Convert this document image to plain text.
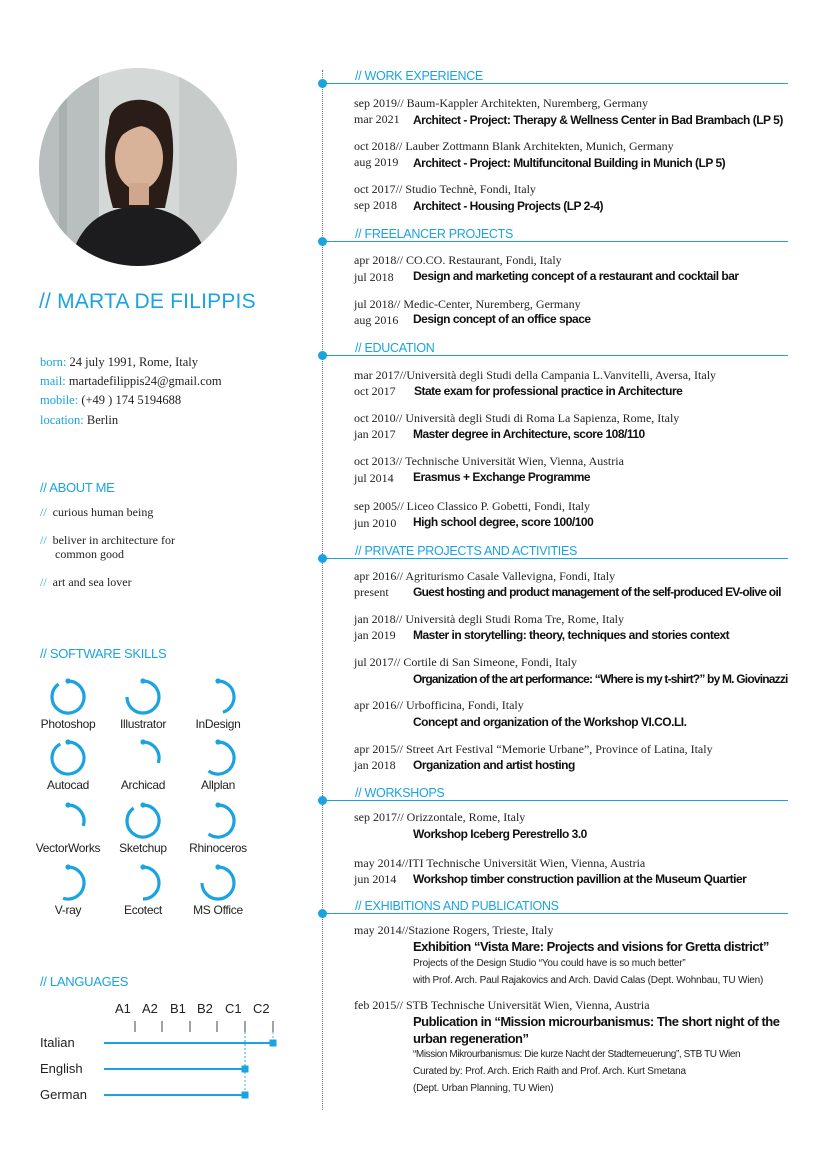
// MARTA DE FILIPPIS
born: 24 july 1991, Rome, Italy
mail: martadefilippis24@gmail.com
mobile: (+49 ) 174 5194688
location: Berlin
// ABOUT ME
// curious human being
// beliver in architecture for
common good
// art and sea lover
// SOFTWARE SKILLS
Photoshop	Illustrator	InDesign
Autocad	Archicad	Allplan
VectorWorks	Sketchup	Rhinoceros
V-ray	Ecotect	MS Office
// LANGUAGES
A1 A2 B1 B2 C1 C2
Italian
English
German
// WORK EXPERIENCE
sep 2019// Baum-Kappler Architekten, Nuremberg, Germany
mar 2021 Architect - Project: Therapy & Wellness Center in Bad Brambach (LP 5)
oct 2018// Lauber Zottmann Blank Architekten, Munich, Germany
aug 2019 Architect - Project: Multifuncitonal Building in Munich (LP 5)
oct 2017// Studio Technè, Fondi, Italy
sep 2018 Architect - Housing Projects (LP 2-4)
// FREELANCER PROJECTS
apr 2018// CO.CO. Restaurant, Fondi, Italy
jul 2018 Design and marketing concept of a restaurant and cocktail bar
jul 2018// Medic-Center, Nuremberg, Germany
aug 2016 Design concept of an office space
// EDUCATION
mar 2017//Università degli Studi della Campania L.Vanvitelli, Aversa, Italy
oct 2017 State exam for professional practice in Architecture
oct 2010// Università degli Studi di Roma La Sapienza, Rome, Italy
jan 2017 Master degree in Architecture, score 108/110
oct 2013// Technische Universität Wien, Vienna, Austria
jul 2014 Erasmus + Exchange Programme
sep 2005// Liceo Classico P. Gobetti, Fondi, Italy
jun 2010 High school degree, score 100/100
// PRIVATE PROJECTS AND ACTIVITIES
apr 2016// Agriturismo Casale Vallevigna, Fondi, Italy
present Guest hosting and product management of the self-produced EV-olive oil
jan 2018// Università degli Studi Roma Tre, Rome, Italy
jan 2019 Master in storytelling: theory, techniques and stories context
jul 2017// Cortile di San Simeone, Fondi, Italy
Organization of the art performance: “Where is my t-shirt?” by M. Giovinazzi
apr 2016// Urbofficina, Fondi, Italy
Concept and organization of the Workshop VI.CO.LI.
apr 2015// Street Art Festival “Memorie Urbane”, Province of Latina, Italy
jan 2018 Organization and artist hosting
// WORKSHOPS
sep 2017// Orizzontale, Rome, Italy
Workshop Iceberg Perestrello 3.0
may 2014//ITI Technische Universität Wien, Vienna, Austria
jun 2014 Workshop timber construction pavillion at the Museum Quartier
// EXHIBITIONS AND PUBLICATIONS
may 2014//Stazione Rogers, Trieste, Italy
Exhibition “Vista Mare: Projects and visions for Gretta district”
Projects of the Design Studio “You could have is so much better”
with Prof. Arch. Paul Rajakovics and Arch. David Calas (Dept. Wohnbau, TU Wien)
feb 2015// STB Technische Universität Wien, Vienna, Austria
Publication in “Mission microurbanismus: The short night of the
urban regeneration”
“Mission Mikrourbanismus: Die kurze Nacht der Stadterneuerung”, STB TU Wien
Curated by: Prof. Arch. Erich Raith and Prof. Arch. Kurt Smetana
(Dept. Urban Planning, TU Wien)
